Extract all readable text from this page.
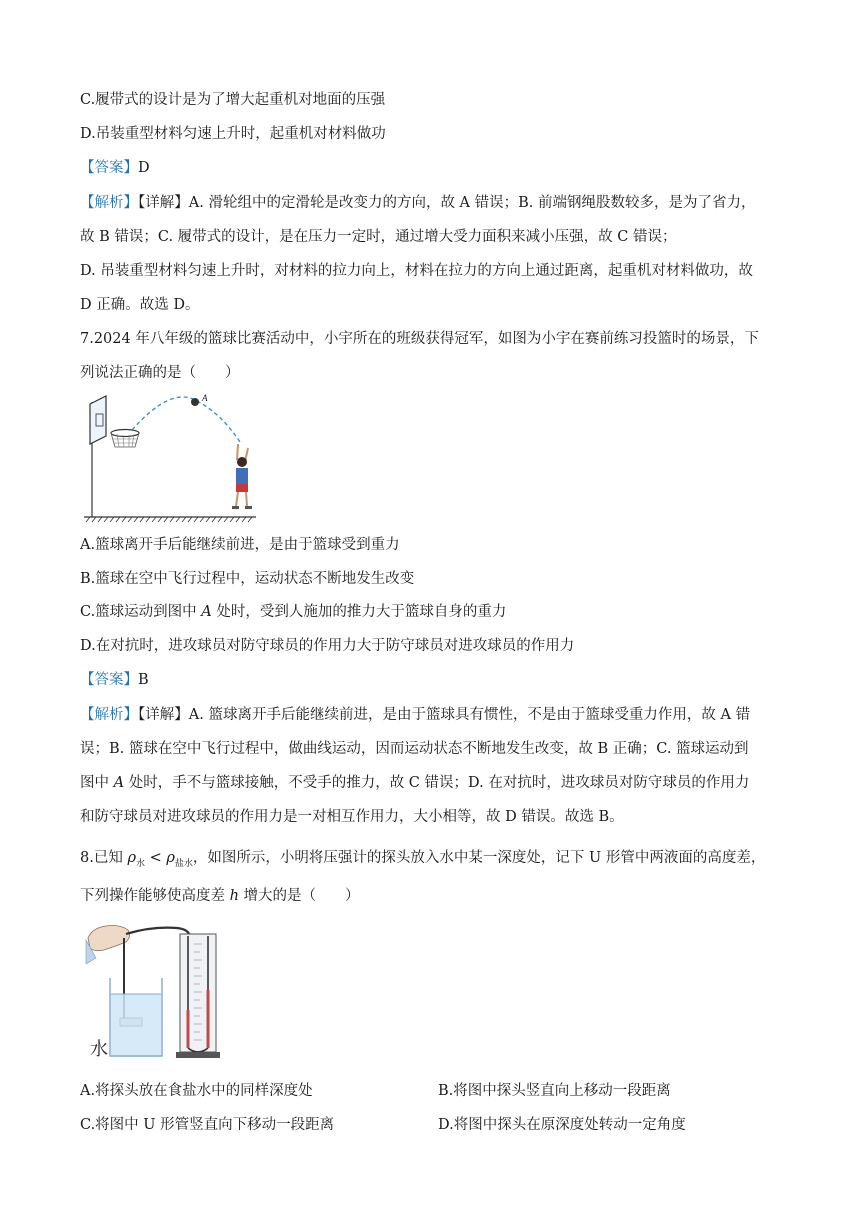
C.履带式的设计是为了增大起重机对地面的压强
D.吊装重型材料匀速上升时，起重机对材料做功
【答案】D
【解析】【详解】A. 滑轮组中的定滑轮是改变力的方向，故 A 错误；B. 前端钢绳股数较多，是为了省力，
故 B 错误；C. 履带式的设计，是在压力一定时，通过增大受力面积来减小压强，故 C 错误；
D. 吊装重型材料匀速上升时，对材料的拉力向上，材料在拉力的方向上通过距离，起重机对材料做功，故
D 正确。故选 D。
7.2024 年八年级的篮球比赛活动中，小宇所在的班级获得冠军，如图为小宇在赛前练习投篮时的场景，下
列说法正确的是（　　）
A
A.篮球离开手后能继续前进，是由于篮球受到重力
B.篮球在空中飞行过程中，运动状态不断地发生改变
C.篮球运动到图中 A 处时，受到人施加的推力大于篮球自身的重力
D.在对抗时，进攻球员对防守球员的作用力大于防守球员对进攻球员的作用力
【答案】B
【解析】【详解】A. 篮球离开手后能继续前进，是由于篮球具有惯性，不是由于篮球受重力作用，故 A 错
误；B. 篮球在空中飞行过程中，做曲线运动，因而运动状态不断地发生改变，故 B 正确；C. 篮球运动到
图中 A 处时，手不与篮球接触，不受手的推力，故 C 错误；D. 在对抗时，进攻球员对防守球员的作用力
和防守球员对进攻球员的作用力是一对相互作用力，大小相等，故 D 错误。故选 B。
8.已知 $\rho_水 < \rho_{盐水}$，如图所示，小明将压强计的探头放入水中某一深度处，记下 U 形管中两液面的高度差，
下列操作能够使高度差 h 增大的是（　　）
水
A.将探头放在食盐水中的同样深度处	B.将图中探头竖直向上移动一段距离
C.将图中 U 形管竖直向下移动一段距离	D.将图中探头在原深度处转动一定角度
